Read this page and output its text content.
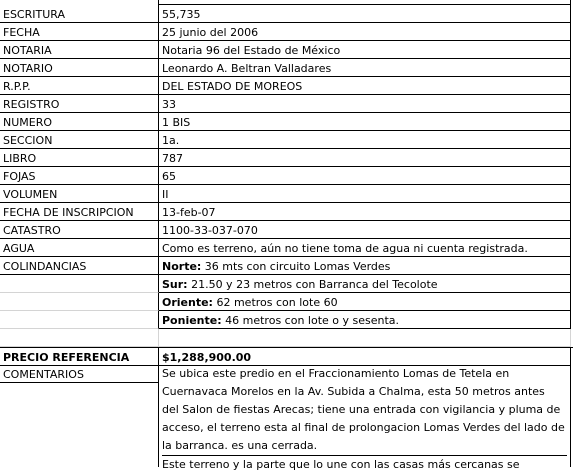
ESCRITURA	55,735
FECHA	25 junio del 2006
NOTARIA	Notaria 96 del Estado de México
NOTARIO	Leonardo A. Beltran Valladares
R.P.P.	DEL ESTADO DE MOREOS
REGISTRO	33
NUMERO	1 BIS
SECCION	1a.
LIBRO	787
FOJAS	65
VOLUMEN	II
FECHA DE INSCRIPCION	13-feb-07
CATASTRO	1100-33-037-070
AGUA	Como es terreno, aún no tiene toma de agua ni cuenta registrada.
COLINDANCIAS	Norte: 36 mts con circuito Lomas Verdes
Sur: 21.50 y 23 metros con Barranca del Tecolote
Oriente: 62 metros con lote 60
Poniente: 46 metros con lote o y sesenta.
PRECIO REFERENCIA	$1,288,900.00
COMENTARIOS	Se ubica este predio en el Fraccionamiento Lomas de Tetela en
Cuernavaca Morelos en la Av. Subida a Chalma, esta 50 metros antes
del Salon de fiestas Arecas; tiene una entrada con vigilancia y pluma de
acceso, el terreno esta al final de prolongacion Lomas Verdes del lado de
la barranca. es una cerrada.
Este terreno y la parte que lo une con las casas más cercanas se
